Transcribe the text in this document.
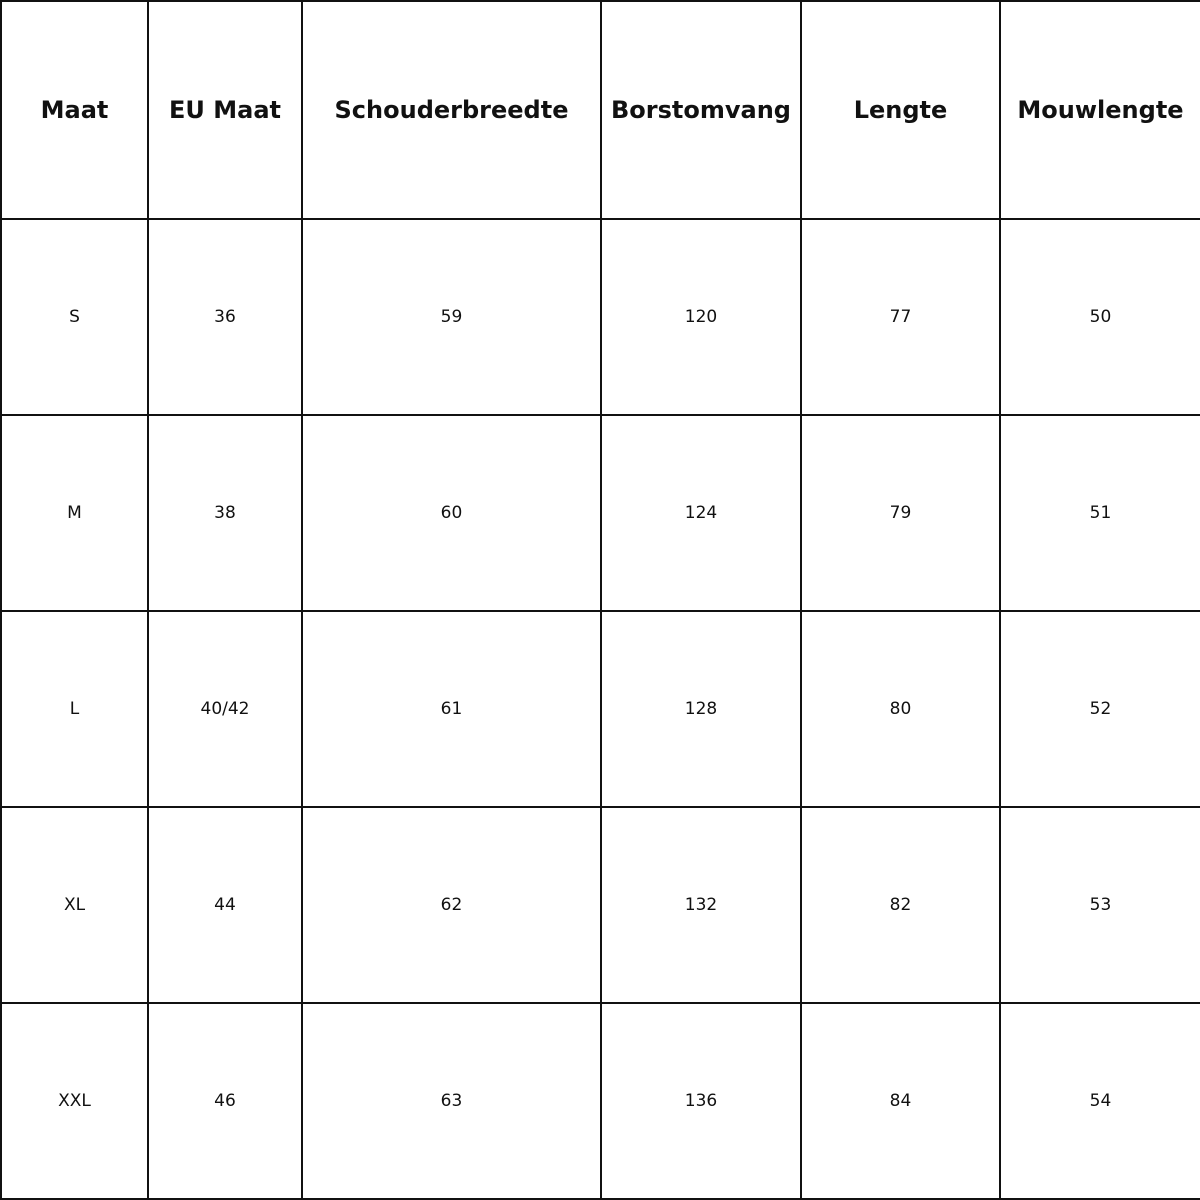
Maat	EU Maat	Schouderbreedte	Borstomvang	Lengte	Mouwlengte
S	36	59	120	77	50
M	38	60	124	79	51
L	40/42	61	128	80	52
XL	44	62	132	82	53
XXL	46	63	136	84	54
